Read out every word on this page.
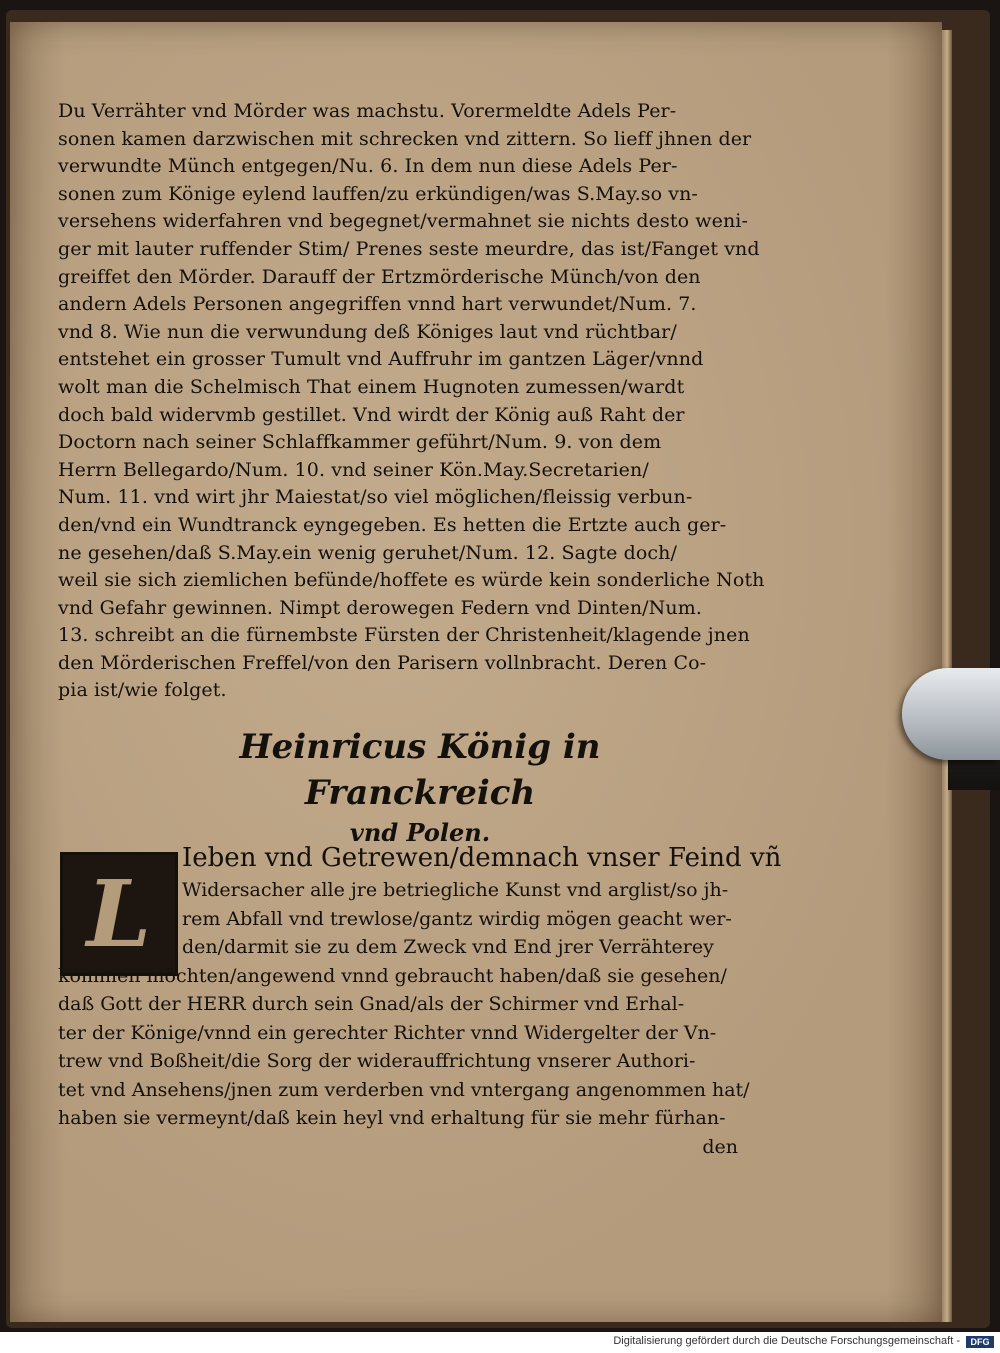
Du Verrähter vnd Mörder was machstu. Vorermeldte Adels Per-
sonen kamen darzwischen mit schrecken vnd zittern. So lieff jhnen der
verwundte Münch entgegen/Nu. 6. In dem nun diese Adels Per-
sonen zum Könige eylend lauffen/zu erkündigen/was S.May.so vn-
versehens widerfahren vnd begegnet/vermahnet sie nichts desto weni-
ger mit lauter ruffender Stim/ Prenes seste meurdre, das ist/Fanget vnd
greiffet den Mörder. Darauff der Ertzmörderische Münch/von den
andern Adels Personen angegriffen vnnd hart verwundet/Num. 7.
vnd 8. Wie nun die verwundung deß Königes laut vnd rüchtbar/
entstehet ein grosser Tumult vnd Auffruhr im gantzen Läger/vnnd
wolt man die Schelmisch That einem Hugnoten zumessen/wardt
doch bald widervmb gestillet. Vnd wirdt der König auß Raht der
Doctorn nach seiner Schlaffkammer geführt/Num. 9. von dem
Herrn Bellegardo/Num. 10. vnd seiner Kön.May.Secretarien/
Num. 11. vnd wirt jhr Maiestat/so viel möglichen/fleissig verbun-
den/vnd ein Wundtranck eyngegeben. Es hetten die Ertzte auch ger-
ne gesehen/daß S.May.ein wenig geruhet/Num. 12. Sagte doch/
weil sie sich ziemlichen befünde/hoffete es würde kein sonderliche Noth
vnd Gefahr gewinnen. Nimpt derowegen Federn vnd Dinten/Num.
13. schreibt an die fürnembste Fürsten der Christenheit/klagende jnen
den Mörderischen Freffel/von den Parisern vollnbracht. Deren Co-
pia ist/wie folget.
Heinricus König in Franckreich
vnd Polen.
L
Ieben vnd Getrewen/demnach vnser Feind vñ
Widersacher alle jre betriegliche Kunst vnd arglist/so jh-
rem Abfall vnd trewlose/gantz wirdig mögen geacht wer-
den/darmit sie zu dem Zweck vnd End jrer Verrähterey
kommen möchten/angewend vnnd gebraucht haben/daß sie gesehen/
daß Gott der HERR durch sein Gnad/als der Schirmer vnd Erhal-
ter der Könige/vnnd ein gerechter Richter vnnd Widergelter der Vn-
trew vnd Boßheit/die Sorg der widerauffrichtung vnserer Authori-
tet vnd Ansehens/jnen zum verderben vnd vntergang angenommen hat/
haben sie vermeynt/daß kein heyl vnd erhaltung für sie mehr fürhan-
den
Digitalisierung gefördert durch die Deutsche Forschungsgemeinschaft -	DFG
